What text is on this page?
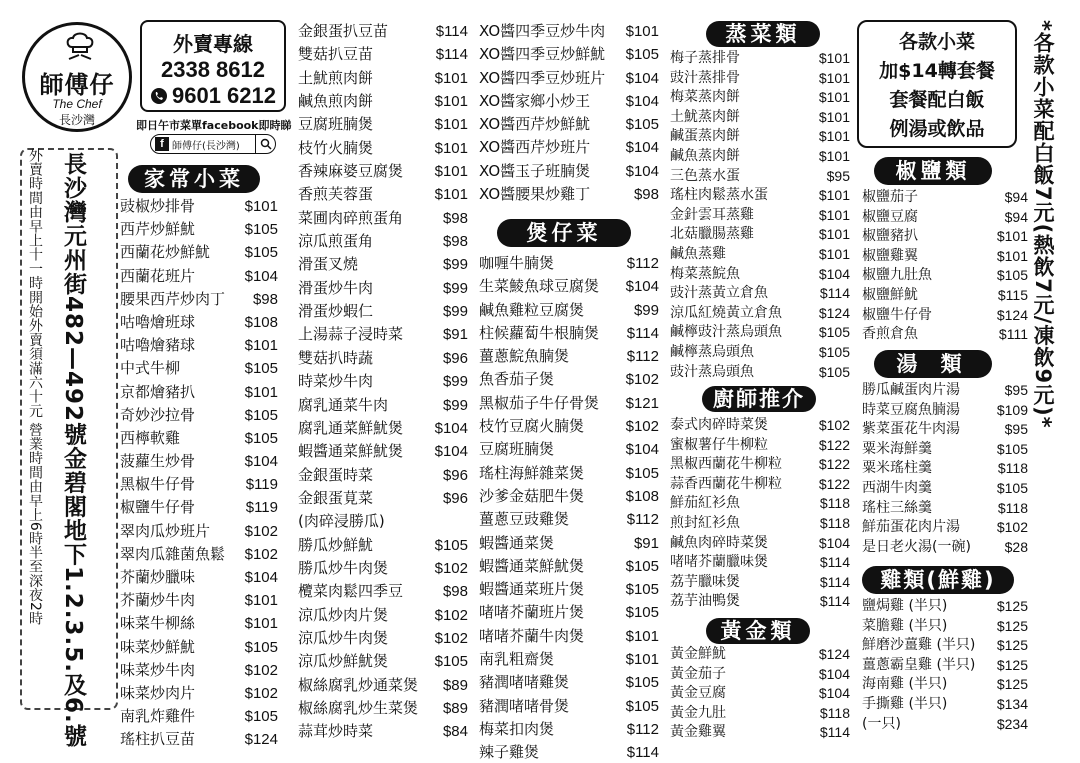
師傅仔
The Chef
長沙灣
外賣專線
2338 8612
9601 6212
即日午市菜單facebook即時睇
f 師傅仔(長沙灣)
外賣時間由早上十一時開始外賣須滿六十元 營業時間由早上6時半至深夜2時 長沙灣元州街482—492號金碧閣地下1.2.3.5.及6.號	家常小菜
豉椒炒排骨	$101
西芹炒鮮魷	$105
西蘭花炒鮮魷 $105
西蘭花班片	$104
腰果西芹炒肉丁 $98
咕嚕燴班球	$108
咕嚕燴豬球	$101
中式牛柳	$105
京都燴豬扒	$101
奇妙沙拉骨	$105
西檸軟雞	$105
菠蘿生炒骨	$104
黑椒牛仔骨	$119
椒鹽牛仔骨	$119
翠肉瓜炒班片 $102
翠肉瓜雜菌魚鬆 $102
芥蘭炒臘味	$104
芥蘭炒牛肉	$101
味菜牛柳絲	$101
味菜炒鮮魷	$105
味菜炒牛肉	$102
味菜炒肉片	$102
南乳炸雞件	$105
瑤柱扒豆苗	$124
金銀蛋扒豆苗	$114
雙菇扒豆苗	$114
土魷煎肉餅	$101
鹹魚煎肉餅	$101
豆腐班腩煲	$101
枝竹火腩煲	$101
香辣麻婆豆腐煲 $101
香煎芙蓉蛋	$101
菜圃肉碎煎蛋角	$98
涼瓜煎蛋角	$98
滑蛋叉燒	$99
滑蛋炒牛肉	$99
滑蛋炒蝦仁	$99
上湯蒜子浸時菜	$91
雙菇扒時蔬	$96
時菜炒牛肉	$99
腐乳通菜牛肉	$99
腐乳通菜鮮魷煲 $104
蝦醬通菜鮮魷煲 $104
金銀蛋時菜	$96
金銀蛋莧菜	$96
(肉碎浸勝瓜)
勝瓜炒鮮魷	$105
勝瓜炒牛肉煲	$102
欖菜肉鬆四季豆	$98
涼瓜炒肉片煲	$102
涼瓜炒牛肉煲	$102
涼瓜炒鮮魷煲	$105
椒絲腐乳炒通菜煲 $89
椒絲腐乳炒生菜煲 $89
蒜茸炒時菜	$84
XO醬四季豆炒牛肉 $101
XO醬四季豆炒鮮魷 $105
XO醬四季豆炒班片 $104
XO醬家鄉小炒王 $104
XO醬西芹炒鮮魷 $105
XO醬西芹炒班片 $104
XO醬玉子班腩煲 $104
XO醬腰果炒雞丁	$98
煲仔菜
咖喱牛腩煲	$112
生菜鯪魚球豆腐煲 $104
鹹魚雞粒豆腐煲	$99
柱候蘿蔔牛根腩煲 $114
薑蔥鯇魚腩煲	$112
魚香茄子煲	$102
黑椒茄子牛仔骨煲 $121
枝竹豆腐火腩煲	$102
豆腐班腩煲	$104
瑤柱海鮮雜菜煲	$105
沙爹金菇肥牛煲	$108
薑蔥豆豉雞煲	$112
蝦醬通菜煲	$91
蝦醬通菜鮮魷煲	$105
蝦醬通菜班片煲	$105
啫啫芥蘭班片煲	$105
啫啫芥蘭牛肉煲	$101
南乳粗齋煲	$101
豬潤啫啫雞煲	$105
豬潤啫啫骨煲	$105
梅菜扣肉煲	$112
辣子雞煲	$114
蒸菜類
梅子蒸排骨	$101
豉汁蒸排骨	$101
梅菜蒸肉餅	$101
土魷蒸肉餅	$101
鹹蛋蒸肉餅	$101
鹹魚蒸肉餅	$101
三色蒸水蛋	$95
瑤柱肉鬆蒸水蛋	$101
金針雲耳蒸雞	$101
北菇臘腸蒸雞	$101
鹹魚蒸雞	$101
梅菜蒸鯇魚	$104
豉汁蒸黃立倉魚	$114
涼瓜紅燒黃立倉魚	$124
鹹檸豉汁蒸烏頭魚	$105
鹹檸蒸烏頭魚	$105
豉汁蒸烏頭魚	$105
廚師推介
泰式肉碎時菜煲	$102
蜜椒薯仔牛柳粒	$122
黑椒西蘭花牛柳粒	$122
蒜香西蘭花牛柳粒	$122
鮮茄紅衫魚	$118
煎封紅衫魚	$118
鹹魚肉碎時菜煲	$104
啫啫芥蘭臘味煲	$114
荔芋臘味煲	$114
荔芋油鴨煲	$114
黃金類
黃金鮮魷	$124
黃金茄子	$104
黃金豆腐	$104
黃金九肚	$118
黃金雞翼	$114
各款小菜
加$14轉套餐
套餐配白飯
例湯或飲品
椒鹽類
椒鹽茄子	$94
椒鹽豆腐	$94
椒鹽豬扒	$101
椒鹽雞翼	$101
椒鹽九肚魚	$105
椒鹽鮮魷	$115
椒鹽牛仔骨	$124
香煎倉魚	$111
湯 類
勝瓜鹹蛋肉片湯	$95
時菜豆腐魚腩湯	$109
紫菜蛋花牛肉湯	$95
粟米海鮮羹	$105
粟米瑤柱羹	$118
西湖牛肉羹	$105
瑤柱三絲羹	$118
鮮茄蛋花肉片湯	$102
是日老火湯(一碗) $28
雞類(鮮雞)
鹽焗雞 (半只)	$125
菜膽雞 (半只)	$125
鮮磨沙薑雞 (半只) $125
薑蔥霸皇雞 (半只) $125
海南雞 (半只)	$125
手撕雞 (半只)	$134
(一只)	$234
*各款小菜配白飯7元(熱飲7元/凍飲9元)*
